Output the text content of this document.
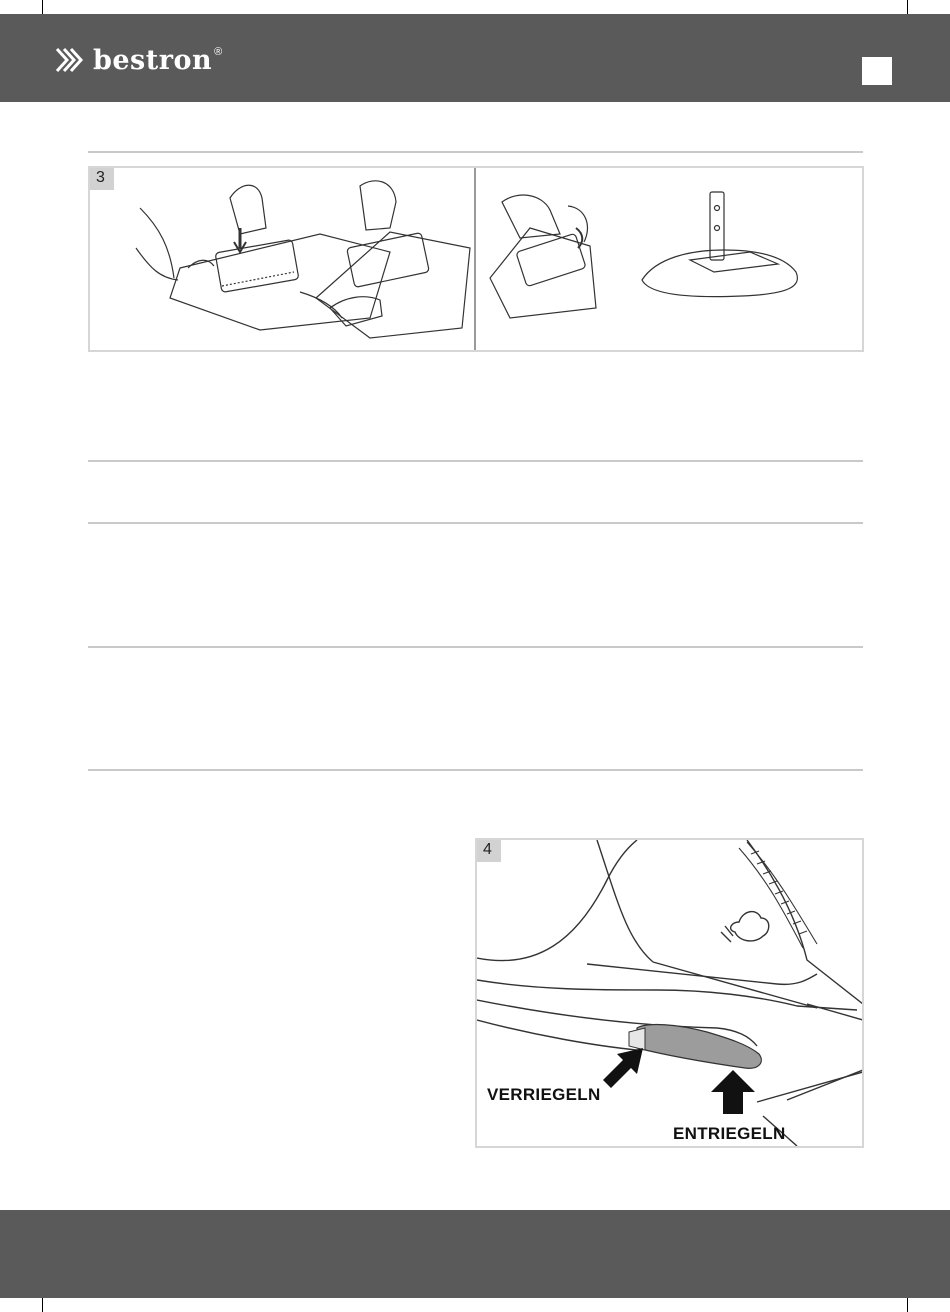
bestron ®
3
4
VERRIEGELN
ENTRIEGELN
